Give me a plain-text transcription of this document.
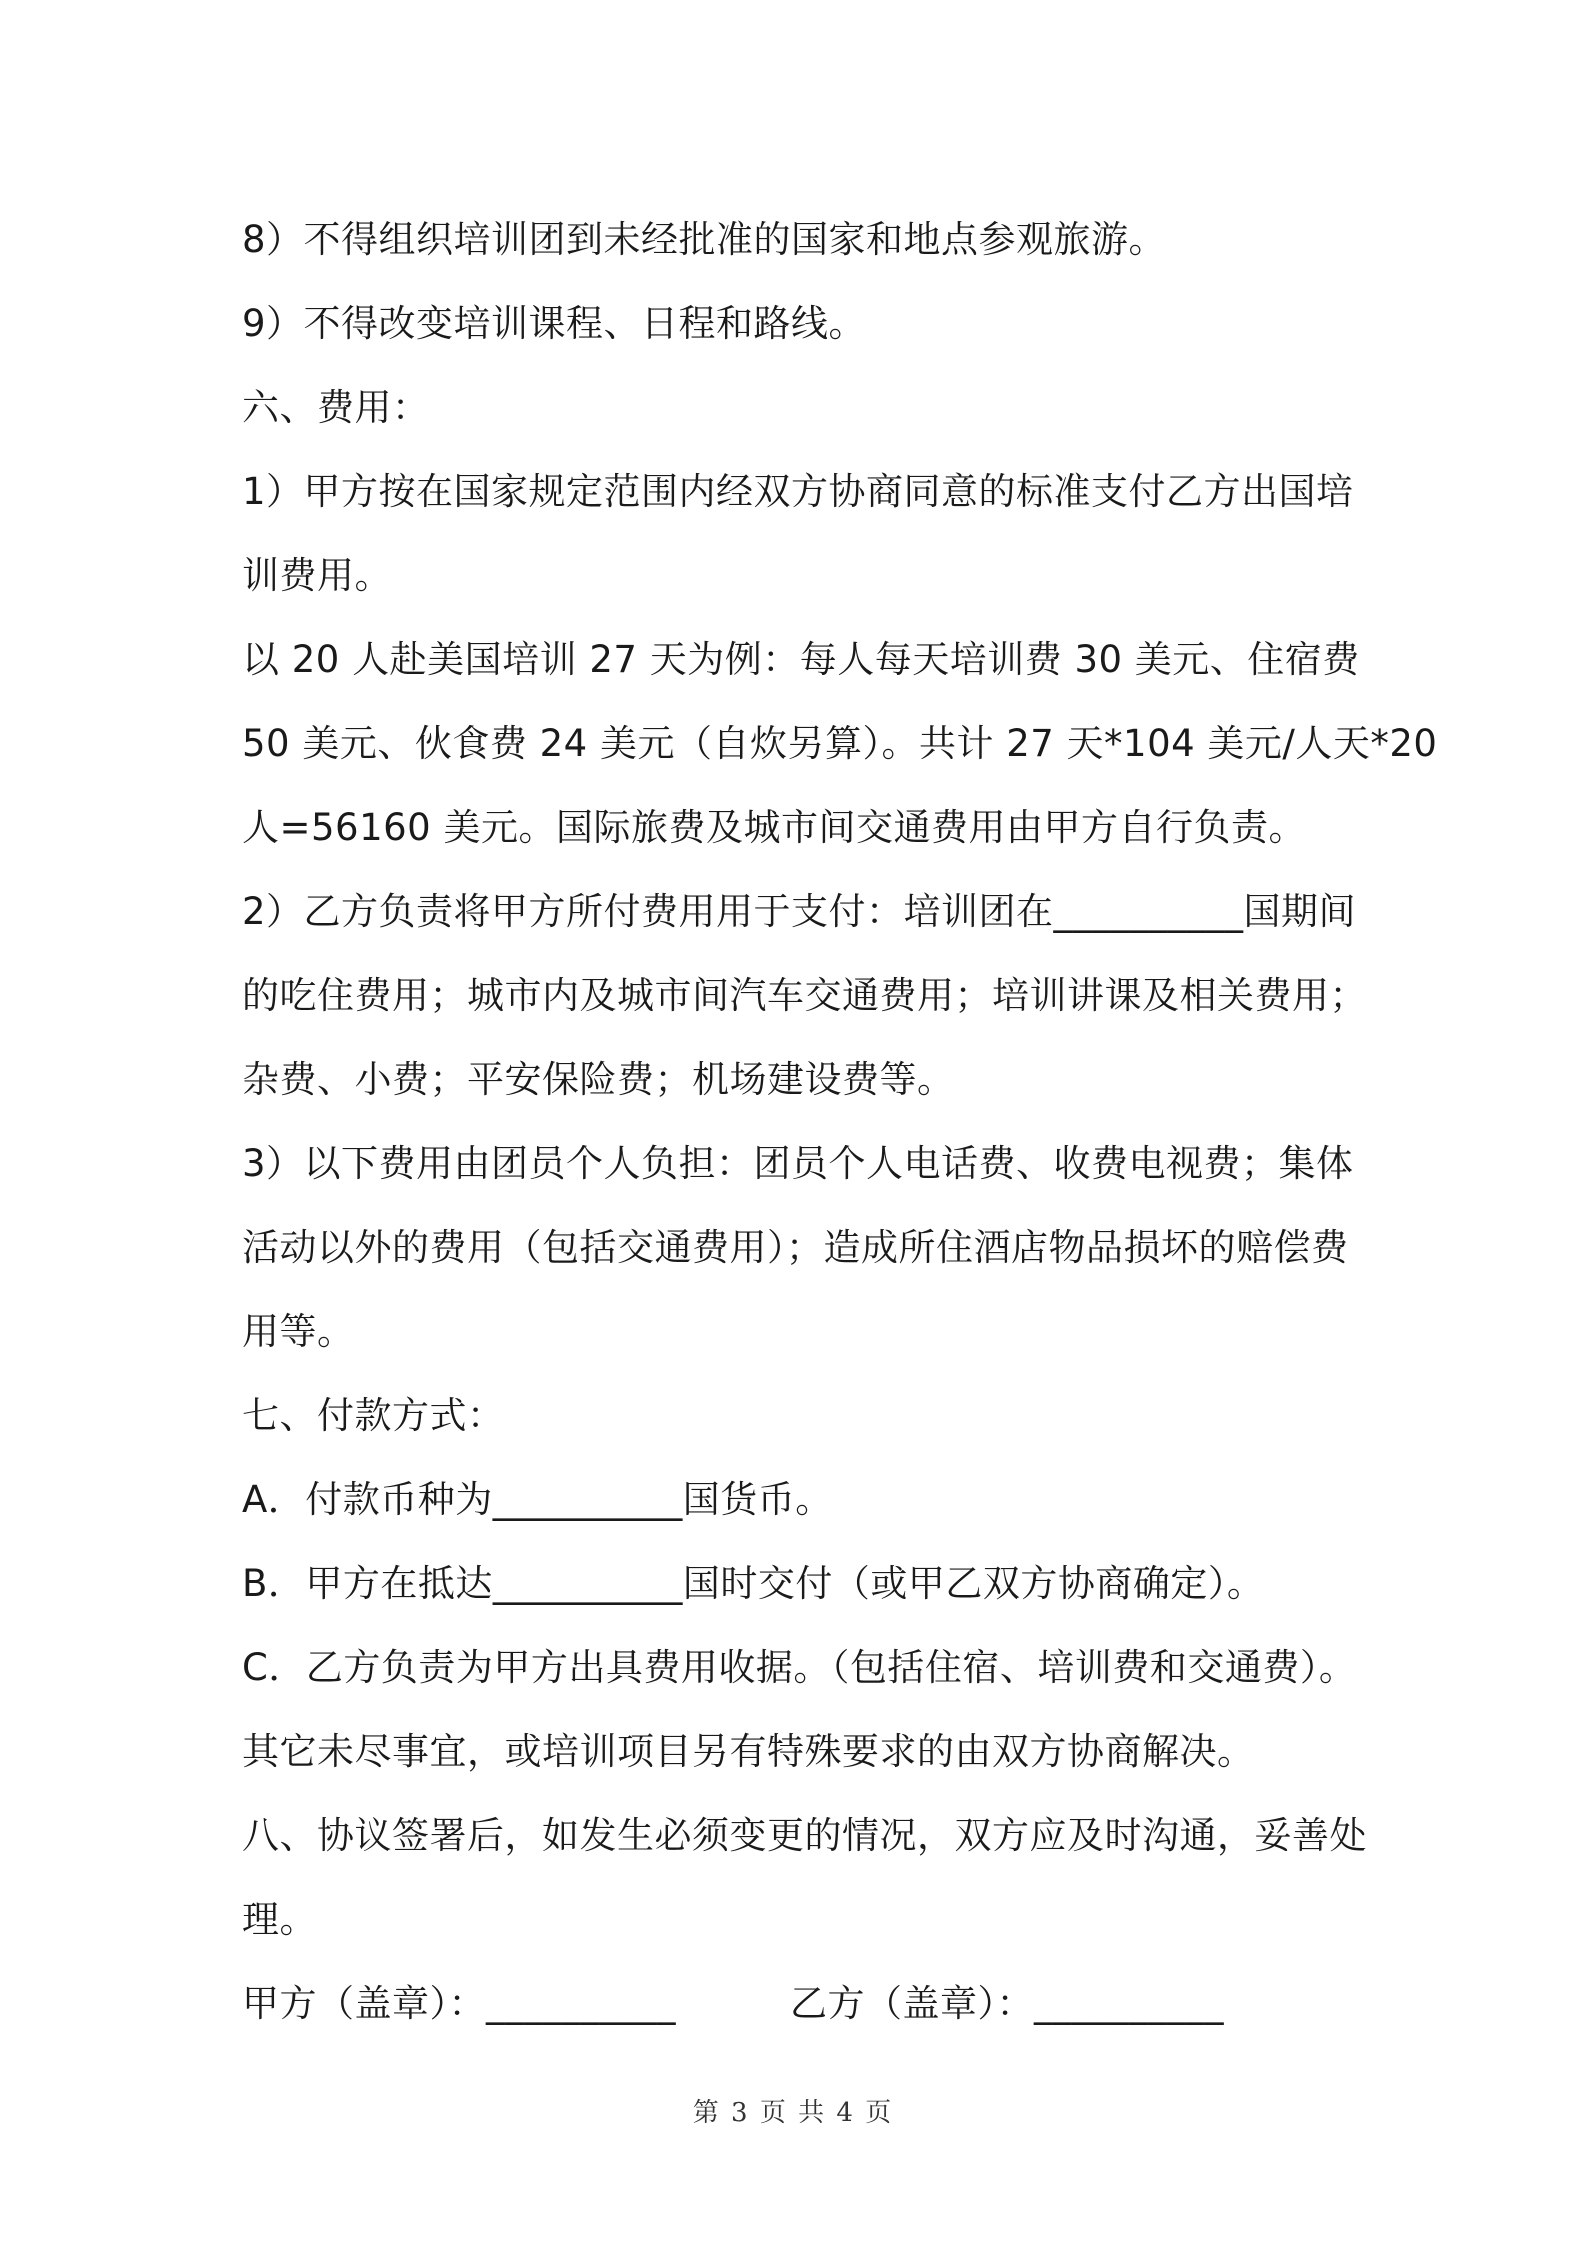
8）不得组织培训团到未经批准的国家和地点参观旅游。

9）不得改变培训课程、日程和路线。

六、费用：

1）甲方按在国家规定范围内经双方协商同意的标准支付乙方出国培

训费用。

以 20 人赴美国培训 27 天为例：每人每天培训费 30 美元、住宿费

50 美元、伙食费 24 美元（自炊另算）。共计 27 天*104 美元/人天*20

人=56160 美元。国际旅费及城市间交通费用由甲方自行负责。

2）乙方负责将甲方所付费用用于支付：培训团在__________国期间

的吃住费用；城市内及城市间汽车交通费用；培训讲课及相关费用；

杂费、小费；平安保险费；机场建设费等。

3）以下费用由团员个人负担：团员个人电话费、收费电视费；集体

活动以外的费用（包括交通费用）；造成所住酒店物品损坏的赔偿费

用等。

七、付款方式：

A．付款币种为__________国货币。

B．甲方在抵达__________国时交付（或甲乙双方协商确定）。

C．乙方负责为甲方出具费用收据。（包括住宿、培训费和交通费）。

其它未尽事宜，或培训项目另有特殊要求的由双方协商解决。

八、协议签署后，如发生必须变更的情况，双方应及时沟通，妥善处

理。

甲方（盖章）：__________	乙方（盖章）：__________
第 3 页 共 4 页
